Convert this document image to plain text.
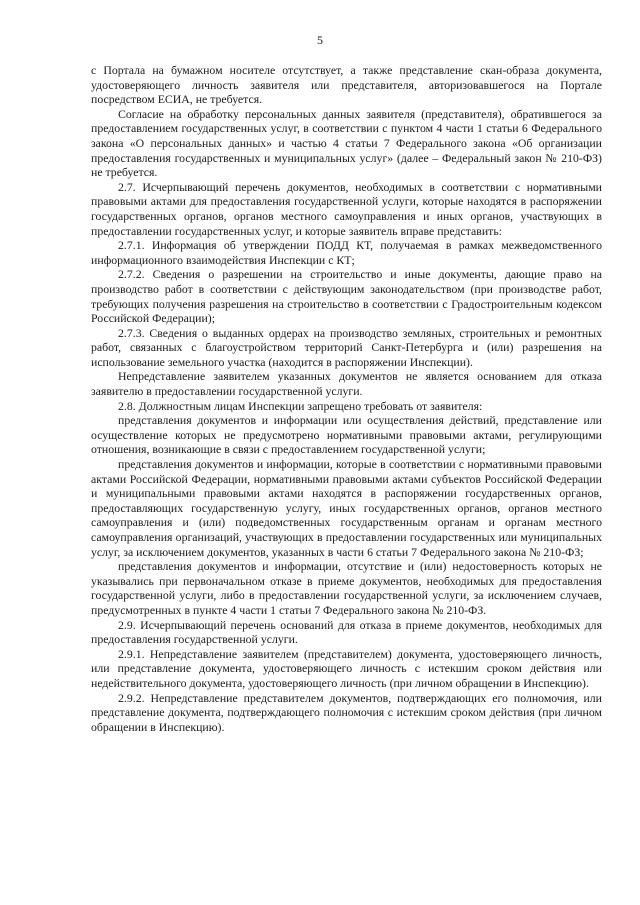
5

с Портала на бумажном носителе отсутствует, а также представление скан-образа документа, удостоверяющего личность заявителя или представителя, авторизовавшегося на Портале посредством ЕСИА, не требуется.

Согласие на обработку персональных данных заявителя (представителя), обратившегося за предоставлением государственных услуг, в соответствии с пунктом 4 части 1 статьи 6 Федерального закона «О персональных данных» и частью 4 статьи 7 Федерального закона «Об организации предоставления государственных и муниципальных услуг» (далее – Федеральный закон № 210-ФЗ) не требуется.

2.7. Исчерпывающий перечень документов, необходимых в соответствии с нормативными правовыми актами для предоставления государственной услуги, которые находятся в распоряжении государственных органов, органов местного самоуправления и иных органов, участвующих в предоставлении государственных услуг, и которые заявитель вправе представить:

2.7.1. Информация об утверждении ПОДД КТ, получаемая в рамках межведомственного информационного взаимодействия Инспекции с КТ;

2.7.2. Сведения о разрешении на строительство и иные документы, дающие право на производство работ в соответствии с действующим законодательством (при производстве работ, требующих получения разрешения на строительство в соответствии с Градостроительным кодексом Российской Федерации);

2.7.3. Сведения о выданных ордерах на производство земляных, строительных и ремонтных работ, связанных с благоустройством территорий Санкт-Петербурга и (или) разрешения на использование земельного участка (находится в распоряжении Инспекции).

Непредставление заявителем указанных документов не является основанием для отказа заявителю в предоставлении государственной услуги.

2.8. Должностным лицам Инспекции запрещено требовать от заявителя:

представления документов и информации или осуществления действий, представление или осуществление которых не предусмотрено нормативными правовыми актами, регулирующими отношения, возникающие в связи с предоставлением государственной услуги;

представления документов и информации, которые в соответствии с нормативными правовыми актами Российской Федерации, нормативными правовыми актами субъектов Российской Федерации и муниципальными правовыми актами находятся в распоряжении государственных органов, предоставляющих государственную услугу, иных государственных органов, органов местного самоуправления и (или) подведомственных государственным органам и органам местного самоуправления организаций, участвующих в предоставлении государственных или муниципальных услуг, за исключением документов, указанных в части 6 статьи 7 Федерального закона № 210-ФЗ;

представления документов и информации, отсутствие и (или) недостоверность которых не указывались при первоначальном отказе в приеме документов, необходимых для предоставления государственной услуги, либо в предоставлении государственной услуги, за исключением случаев, предусмотренных в пункте 4 части 1 статьи 7 Федерального закона № 210-ФЗ.

2.9. Исчерпывающий перечень оснований для отказа в приеме документов, необходимых для предоставления государственной услуги.

2.9.1. Непредставление заявителем (представителем) документа, удостоверяющего личность, или представление документа, удостоверяющего личность с истекшим сроком действия или недействительного документа, удостоверяющего личность (при личном обращении в Инспекцию).

2.9.2. Непредставление представителем документов, подтверждающих его полномочия, или представление документа, подтверждающего полномочия с истекшим сроком действия (при личном обращении в Инспекцию).
